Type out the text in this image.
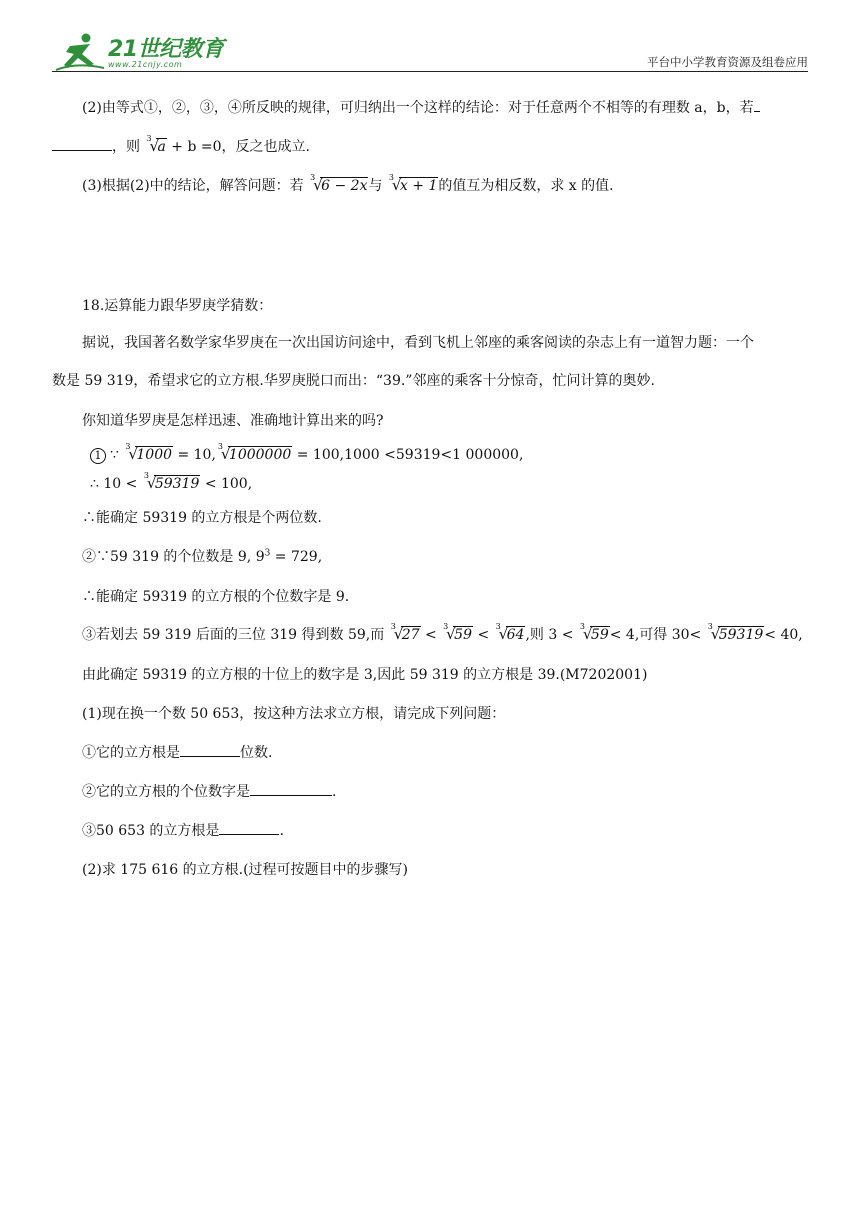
21世纪教育
www.21cnjy.com	平台中小学教育资源及组卷应用
(2)由等式①，②，③，④所反映的规律，可归纳出一个这样的结论：对于任意两个不相等的有理数 a，b，若
，则
3
√
a + b =0，反之也成立.
(3)根据(2)中的结论，解答问题：若
3
√
6 − 2x与
3
√
x + 1的值互为相反数，求 x 的值.
18.运算能力跟华罗庚学猜数：
据说，我国著名数学家华罗庚在一次出国访问途中，看到飞机上邻座的乘客阅读的杂志上有一道智力题：一个
数是 59 319，希望求它的立方根.华罗庚脱口而出：“39.”邻座的乘客十分惊奇，忙问计算的奥妙.
你知道华罗庚是怎样迅速、准确地计算出来的吗?
1 ∵
3
√
1000 = 10,
3
√
1000000 = 100,1000 <59319<1 000000,
∴ 10 <
3
√
59319 < 100,
∴能确定 59319 的立方根是个两位数.
②∵59 319 的个位数是 9, $9^3 = 729$,
∴能确定 59319 的立方根的个位数字是 9.
③若划去 59 319 后面的三位 319 得到数 59,而
3
√
27 <
3
√
59 <
3
√
64,则 3 <
3
√
59< 4,可得 30<
3
√
59319< 40,
由此确定 59319 的立方根的十位上的数字是 3,因此 59 319 的立方根是 39.(M7202001)
(1)现在换一个数 50 653，按这种方法求立方根，请完成下列问题：
①它的立方根是	位数.
②它的立方根的个位数字是	.
③50 653 的立方根是	.
(2)求 175 616 的立方根.(过程可按题目中的步骤写)
